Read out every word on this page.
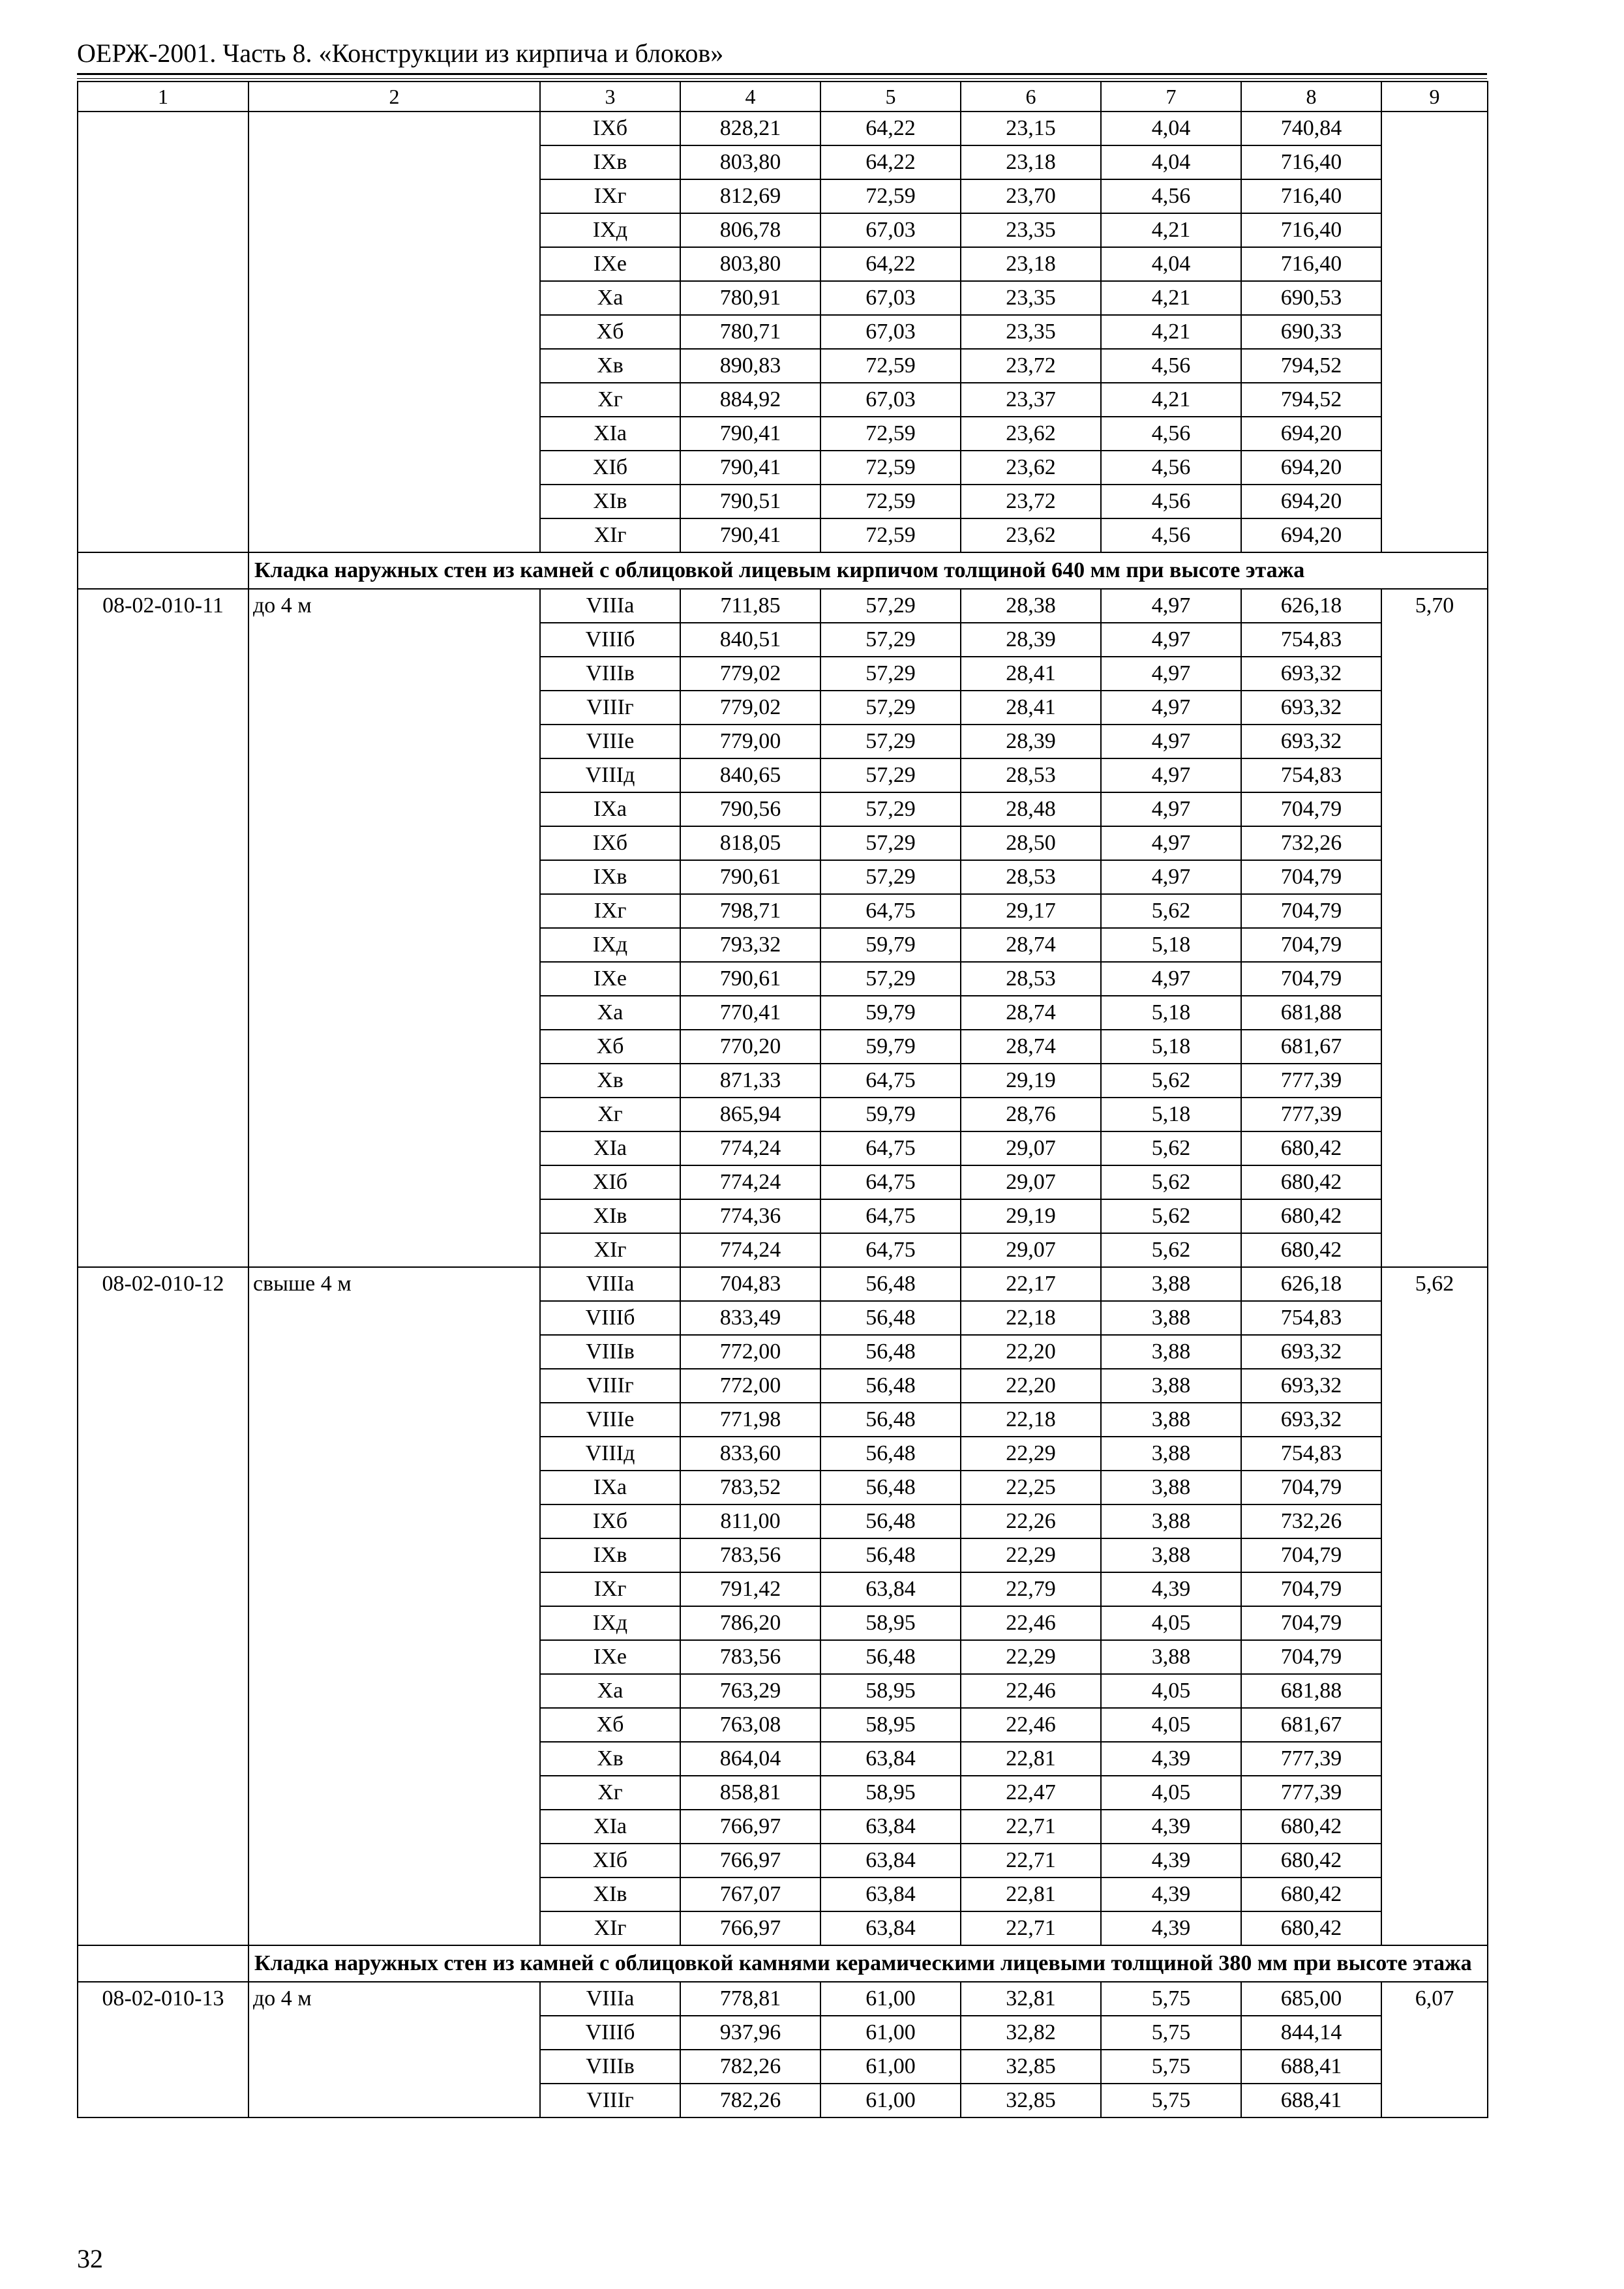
ОЕРЖ-2001. Часть 8. «Конструкции из кирпича и блоков»
1	2	3	4	5	6	7	8	9
		IXб	828,21	64,22	23,15	4,04	740,84	
		IXв	803,80	64,22	23,18	4,04	716,40	
		IXг	812,69	72,59	23,70	4,56	716,40	
		IXд	806,78	67,03	23,35	4,21	716,40	
		IXе	803,80	64,22	23,18	4,04	716,40	
		Xа	780,91	67,03	23,35	4,21	690,53	
		Xб	780,71	67,03	23,35	4,21	690,33	
		Xв	890,83	72,59	23,72	4,56	794,52	
		Xг	884,92	67,03	23,37	4,21	794,52	
		XIа	790,41	72,59	23,62	4,56	694,20	
		XIб	790,41	72,59	23,62	4,56	694,20	
		XIв	790,51	72,59	23,72	4,56	694,20	
		XIг	790,41	72,59	23,62	4,56	694,20	
	Кладка наружных стен из камней с облицовкой лицевым кирпичом толщиной 640 мм при высоте этажа							
08-02-010-11	до 4 м	VIIIа	711,85	57,29	28,38	4,97	626,18	5,70
		VIIIб	840,51	57,29	28,39	4,97	754,83	
		VIIIв	779,02	57,29	28,41	4,97	693,32	
		VIIIг	779,02	57,29	28,41	4,97	693,32	
		VIIIе	779,00	57,29	28,39	4,97	693,32	
		VIIIд	840,65	57,29	28,53	4,97	754,83	
		IXа	790,56	57,29	28,48	4,97	704,79	
		IXб	818,05	57,29	28,50	4,97	732,26	
		IXв	790,61	57,29	28,53	4,97	704,79	
		IXг	798,71	64,75	29,17	5,62	704,79	
		IXд	793,32	59,79	28,74	5,18	704,79	
		IXе	790,61	57,29	28,53	4,97	704,79	
		Xа	770,41	59,79	28,74	5,18	681,88	
		Xб	770,20	59,79	28,74	5,18	681,67	
		Xв	871,33	64,75	29,19	5,62	777,39	
		Xг	865,94	59,79	28,76	5,18	777,39	
		XIа	774,24	64,75	29,07	5,62	680,42	
		XIб	774,24	64,75	29,07	5,62	680,42	
		XIв	774,36	64,75	29,19	5,62	680,42	
		XIг	774,24	64,75	29,07	5,62	680,42	
08-02-010-12	свыше 4 м	VIIIа	704,83	56,48	22,17	3,88	626,18	5,62
		VIIIб	833,49	56,48	22,18	3,88	754,83	
		VIIIв	772,00	56,48	22,20	3,88	693,32	
		VIIIг	772,00	56,48	22,20	3,88	693,32	
		VIIIе	771,98	56,48	22,18	3,88	693,32	
		VIIIд	833,60	56,48	22,29	3,88	754,83	
		IXа	783,52	56,48	22,25	3,88	704,79	
		IXб	811,00	56,48	22,26	3,88	732,26	
		IXв	783,56	56,48	22,29	3,88	704,79	
		IXг	791,42	63,84	22,79	4,39	704,79	
		IXд	786,20	58,95	22,46	4,05	704,79	
		IXе	783,56	56,48	22,29	3,88	704,79	
		Xа	763,29	58,95	22,46	4,05	681,88	
		Xб	763,08	58,95	22,46	4,05	681,67	
		Xв	864,04	63,84	22,81	4,39	777,39	
		Xг	858,81	58,95	22,47	4,05	777,39	
		XIа	766,97	63,84	22,71	4,39	680,42	
		XIб	766,97	63,84	22,71	4,39	680,42	
		XIв	767,07	63,84	22,81	4,39	680,42	
		XIг	766,97	63,84	22,71	4,39	680,42	
	Кладка наружных стен из камней с облицовкой камнями керамическими лицевыми толщиной 380 мм при высоте этажа							
08-02-010-13	до 4 м	VIIIа	778,81	61,00	32,81	5,75	685,00	6,07
		VIIIб	937,96	61,00	32,82	5,75	844,14	
		VIIIв	782,26	61,00	32,85	5,75	688,41	
		VIIIг	782,26	61,00	32,85	5,75	688,41	
32
